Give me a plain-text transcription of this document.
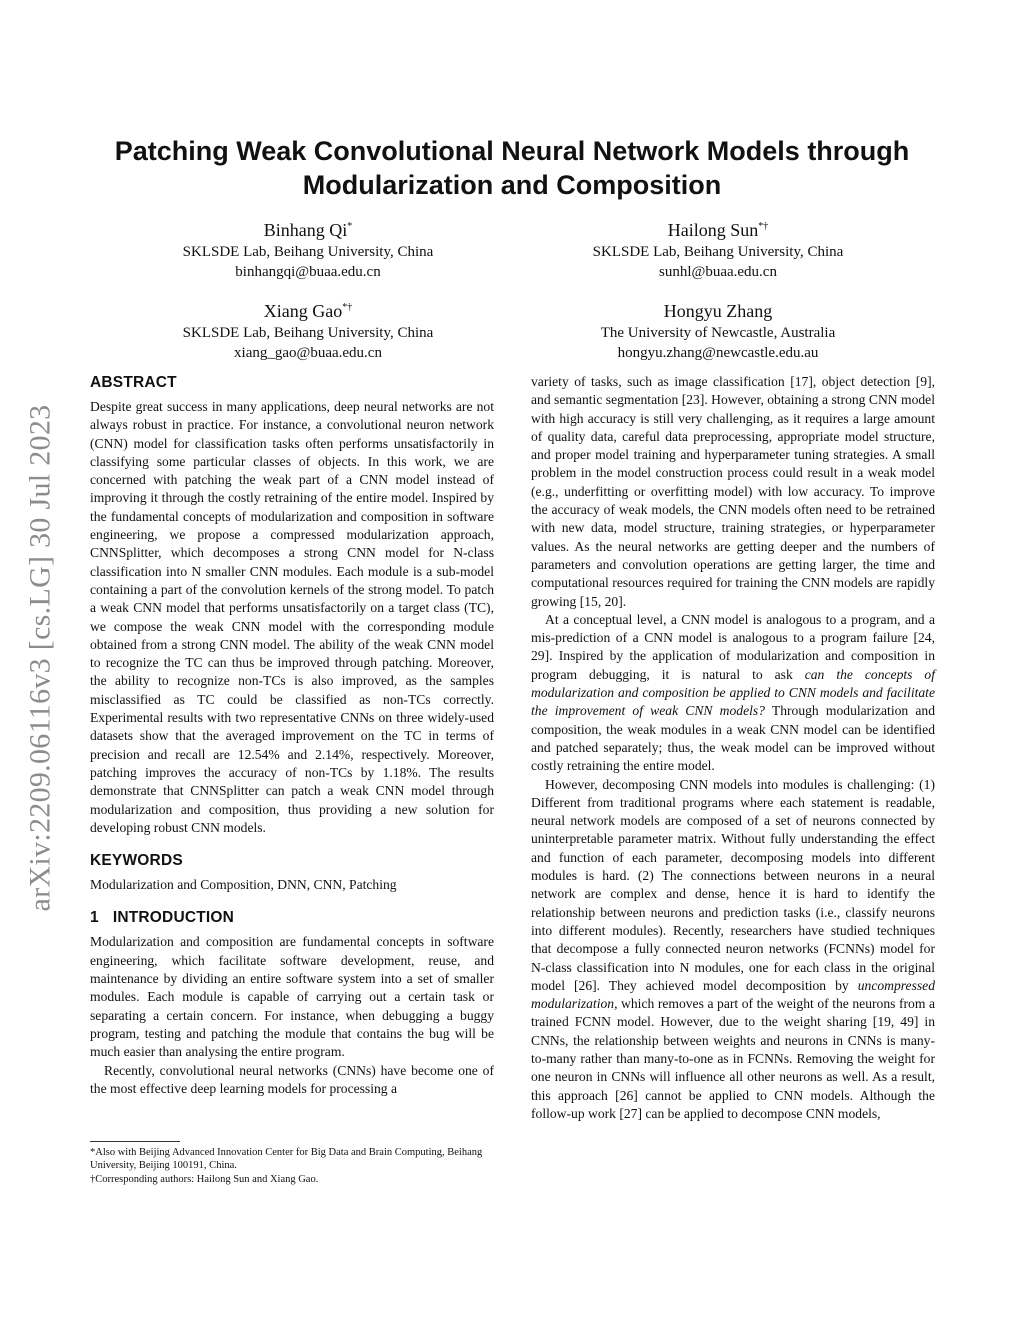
arXiv:2209.06116v3 [cs.LG] 30 Jul 2023
Patching Weak Convolutional Neural Network Models through
Modularization and Composition
Binhang Qi*
SKLSDE Lab, Beihang University, China
binhangqi@buaa.edu.cn
Hailong Sun*†
SKLSDE Lab, Beihang University, China
sunhl@buaa.edu.cn
Xiang Gao*†
SKLSDE Lab, Beihang University, China
xiang_gao@buaa.edu.cn
Hongyu Zhang
The University of Newcastle, Australia
hongyu.zhang@newcastle.edu.au
ABSTRACT

Despite great success in many applications, deep neural networks are not always robust in practice. For instance, a convolutional neuron network (CNN) model for classification tasks often performs unsatisfactorily in classifying some particular classes of objects. In this work, we are concerned with patching the weak part of a CNN model instead of improving it through the costly retraining of the entire model. Inspired by the fundamental concepts of modularization and composition in software engineering, we propose a compressed modularization approach, CNNSplitter, which decomposes a strong CNN model for N-class classification into N smaller CNN modules. Each module is a sub-model containing a part of the convolution kernels of the strong model. To patch a weak CNN model that performs unsatisfactorily on a target class (TC), we compose the weak CNN model with the corresponding module obtained from a strong CNN model. The ability of the weak CNN model to recognize the TC can thus be improved through patching. Moreover, the ability to recognize non-TCs is also improved, as the samples misclassified as TC could be classified as non-TCs correctly. Experimental results with two representative CNNs on three widely-used datasets show that the averaged improvement on the TC in terms of precision and recall are 12.54% and 2.14%, respectively. Moreover, patching improves the accuracy of non-TCs by 1.18%. The results demonstrate that CNNSplitter can patch a weak CNN model through modularization and composition, thus providing a new solution for developing robust CNN models.

KEYWORDS

Modularization and Composition, DNN, CNN, Patching

1 INTRODUCTION

Modularization and composition are fundamental concepts in software engineering, which facilitate software development, reuse, and maintenance by dividing an entire software system into a set of smaller modules. Each module is capable of carrying out a certain task or separating a certain concern. For instance, when debugging a buggy program, testing and patching the module that contains the bug will be much easier than analysing the entire program.

Recently, convolutional neural networks (CNNs) have become one of the most effective deep learning models for processing a

*Also with Beijing Advanced Innovation Center for Big Data and Brain Computing, Beihang University, Beijing 100191, China.

†Corresponding authors: Hailong Sun and Xiang Gao.

variety of tasks, such as image classification [17], object detection [9], and semantic segmentation [23]. However, obtaining a strong CNN model with high accuracy is still very challenging, as it requires a large amount of quality data, careful data preprocessing, appropriate model structure, and proper model training and hyperparameter tuning strategies. A small problem in the model construction process could result in a weak model (e.g., underfitting or overfitting model) with low accuracy. To improve the accuracy of weak models, the CNN models often need to be retrained with new data, model structure, training strategies, or hyperparameter values. As the neural networks are getting deeper and the numbers of parameters and convolution operations are getting larger, the time and computational resources required for training the CNN models are rapidly growing [15, 20].

At a conceptual level, a CNN model is analogous to a program, and a mis-prediction of a CNN model is analogous to a program failure [24, 29]. Inspired by the application of modularization and composition in program debugging, it is natural to ask can the concepts of modularization and composition be applied to CNN models and facilitate the improvement of weak CNN models? Through modularization and composition, the weak modules in a weak CNN model can be identified and patched separately; thus, the weak model can be improved without costly retraining the entire model.

However, decomposing CNN models into modules is challenging: (1) Different from traditional programs where each statement is readable, neural network models are composed of a set of neurons connected by uninterpretable parameter matrix. Without fully understanding the effect and function of each parameter, decomposing models into different modules is hard. (2) The connections between neurons in a neural network are complex and dense, hence it is hard to identify the relationship between neurons and prediction tasks (i.e., classify neurons into different modules). Recently, researchers have studied techniques that decompose a fully connected neuron networks (FCNNs) model for N-class classification into N modules, one for each class in the original model [26]. They achieved model decomposition by uncompressed modularization, which removes a part of the weight of the neurons from a trained FCNN model. However, due to the weight sharing [19, 49] in CNNs, the relationship between weights and neurons in CNNs is many-to-many rather than many-to-one as in FCNNs. Removing the weight for one neuron in CNNs will influence all other neurons as well. As a result, this approach [26] cannot be applied to CNN models. Although the follow-up work [27] can be applied to decompose CNN models,
